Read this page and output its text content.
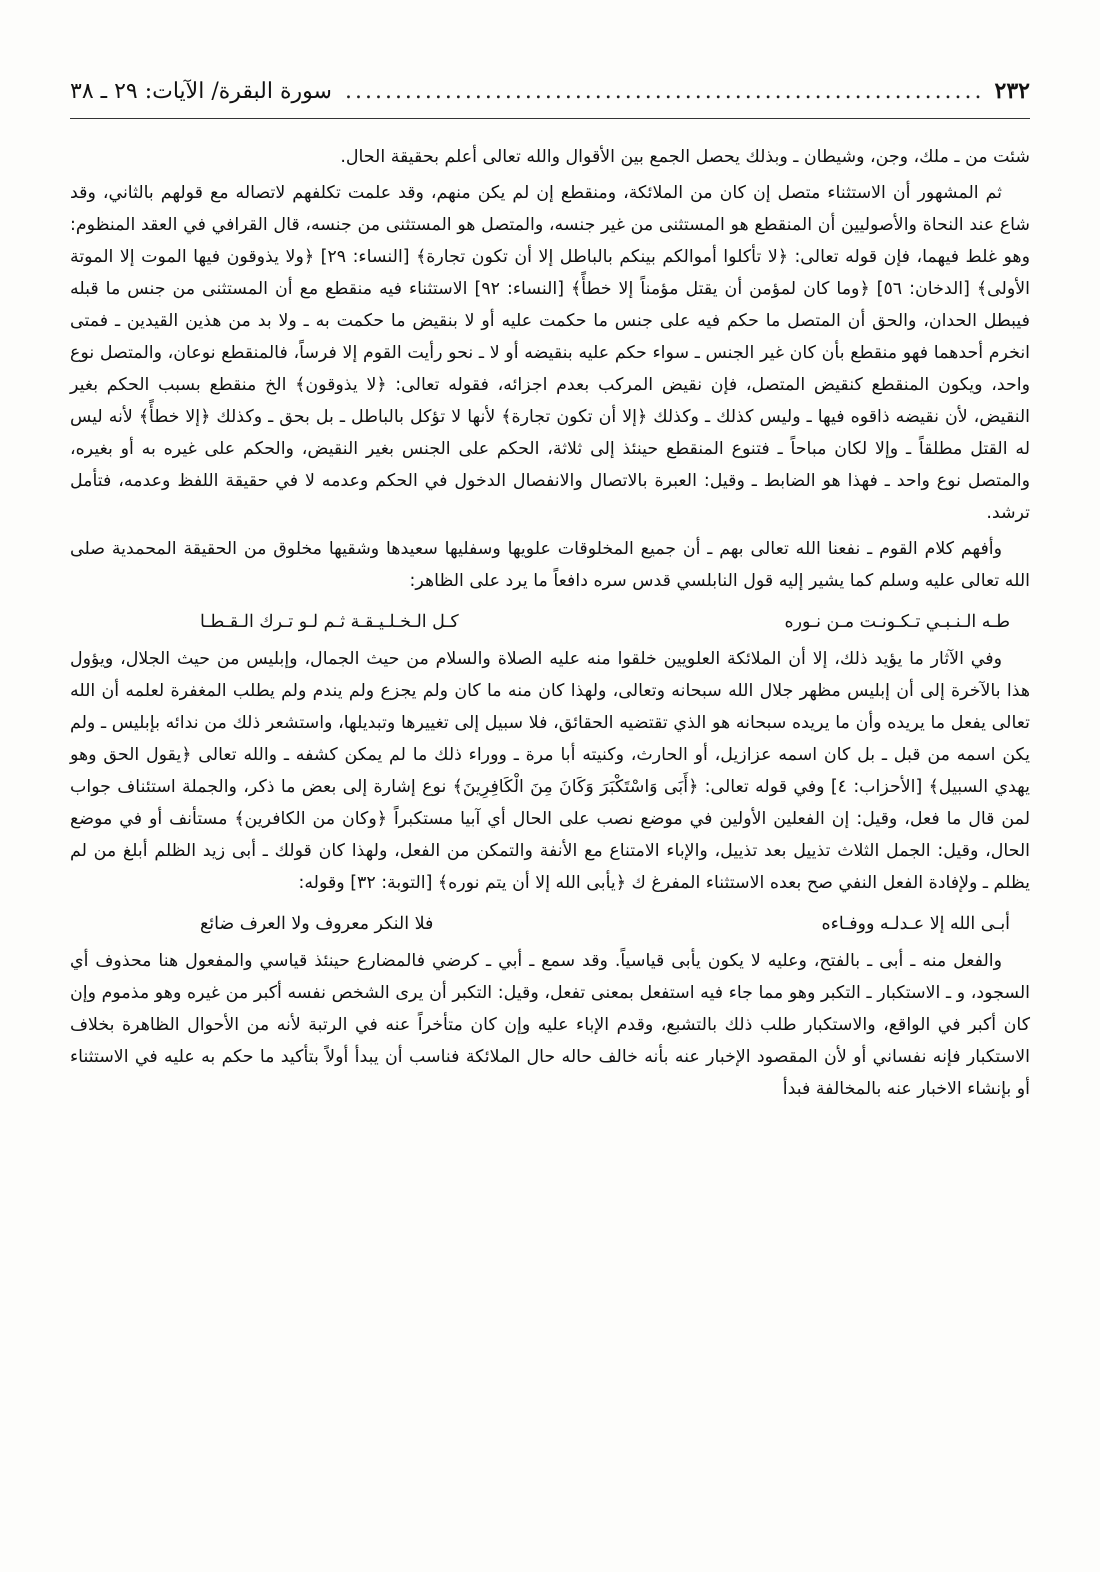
٢٣٢
.....
سورة البقرة/ الآيات: ٢٩ ـ ٣٨

شئت من ـ ملك، وجن، وشيطان ـ وبذلك يحصل الجمع بين الأقوال والله تعالى أعلم بحقيقة الحال.

ثم المشهور أن الاستثناء متصل إن كان من الملائكة، ومنقطع إن لم يكن منهم، وقد علمت تكلفهم لاتصاله مع قولهم بالثاني، وقد شاع عند النحاة والأصوليين أن المنقطع هو المستثنى من غير جنسه، والمتصل هو المستثنى من جنسه، قال القرافي في العقد المنظوم: وهو غلط فيهما، فإن قوله تعالى: ﴿لا تأكلوا أموالكم بينكم بالباطل إلا أن تكون تجارة﴾ [النساء: ٢٩] ﴿ولا يذوقون فيها الموت إلا الموتة الأولى﴾ [الدخان: ٥٦] ﴿وما كان لمؤمن أن يقتل مؤمناً إلا خطأً﴾ [النساء: ٩٢] الاستثناء فيه منقطع مع أن المستثنى من جنس ما قبله فيبطل الحدان، والحق أن المتصل ما حكم فيه على جنس ما حكمت عليه أو لا بنقيض ما حكمت به ـ ولا بد من هذين القيدين ـ فمتى انخرم أحدهما فهو منقطع بأن كان غير الجنس ـ سواء حكم عليه بنقيضه أو لا ـ نحو رأيت القوم إلا فرساً، فالمنقطع نوعان، والمتصل نوع واحد، ويكون المنقطع كنقيض المتصل، فإن نقيض المركب بعدم اجزائه، فقوله تعالى: ﴿لا يذوقون﴾ الخ منقطع بسبب الحكم بغير النقيض، لأن نقيضه ذاقوه فيها ـ وليس كذلك ـ وكذلك ﴿إلا أن تكون تجارة﴾ لأنها لا تؤكل بالباطل ـ بل بحق ـ وكذلك ﴿إلا خطأً﴾ لأنه ليس له القتل مطلقاً ـ وإلا لكان مباحاً ـ فتنوع المنقطع حينئذ إلى ثلاثة، الحكم على الجنس بغير النقيض، والحكم على غيره به أو بغيره، والمتصل نوع واحد ـ فهذا هو الضابط ـ وقيل: العبرة بالاتصال والانفصال الدخول في الحكم وعدمه لا في حقيقة اللفظ وعدمه، فتأمل ترشد.

وأفهم كلام القوم ـ نفعنا الله تعالى بهم ـ أن جميع المخلوقات علويها وسفليها سعيدها وشقيها مخلوق من الحقيقة المحمدية صلى الله تعالى عليه وسلم كما يشير إليه قول النابلسي قدس سره دافعاً ما يرد على الظاهر:

طـه الـنـبـي تـكـونـت مـن نـوره
كـل الـخـلـيـقـة ثـم لـو تـرك الـقـطـا

وفي الآثار ما يؤيد ذلك، إلا أن الملائكة العلويين خلقوا منه عليه الصلاة والسلام من حيث الجمال، وإبليس من حيث الجلال، ويؤول هذا بالآخرة إلى أن إبليس مظهر جلال الله سبحانه وتعالى، ولهذا كان منه ما كان ولم يجزع ولم يندم ولم يطلب المغفرة لعلمه أن الله تعالى يفعل ما يريده وأن ما يريده سبحانه هو الذي تقتضيه الحقائق، فلا سبيل إلى تغييرها وتبديلها، واستشعر ذلك من ندائه بإبليس ـ ولم يكن اسمه من قبل ـ بل كان اسمه عزازيل، أو الحارث، وكنيته أبا مرة ـ ووراء ذلك ما لم يمكن كشفه ـ والله تعالى ﴿يقول الحق وهو يهدي السبيل﴾ [الأحزاب: ٤] وفي قوله تعالى: ﴿أَبَى وَاسْتَكْبَرَ وَكَانَ مِنَ الْكَافِرِينَ﴾ نوع إشارة إلى بعض ما ذكر، والجملة استئناف جواب لمن قال ما فعل، وقيل: إن الفعلين الأولين في موضع نصب على الحال أي آبيا مستكبراً ﴿وكان من الكافرين﴾ مستأنف أو في موضع الحال، وقيل: الجمل الثلاث تذييل بعد تذييل، والإباء الامتناع مع الأنفة والتمكن من الفعل، ولهذا كان قولك ـ أبى زيد الظلم أبلغ من لم يظلم ـ ولإفادة الفعل النفي صح بعده الاستثناء المفرغ ك ﴿يأبى الله إلا أن يتم نوره﴾ [التوبة: ٣٢] وقوله:

أبـى الله إلا عـدلـه ووفـاءه
فلا النكر معروف ولا العرف ضائع

والفعل منه ـ أبى ـ بالفتح، وعليه لا يكون يأبى قياسياً. وقد سمع ـ أبي ـ كرضي فالمضارع حينئذ قياسي والمفعول هنا محذوف أي السجود، و ـ الاستكبار ـ التكبر وهو مما جاء فيه استفعل بمعنى تفعل، وقيل: التكبر أن يرى الشخص نفسه أكبر من غيره وهو مذموم وإن كان أكبر في الواقع، والاستكبار طلب ذلك بالتشبع، وقدم الإباء عليه وإن كان متأخراً عنه في الرتبة لأنه من الأحوال الظاهرة بخلاف الاستكبار فإنه نفساني أو لأن المقصود الإخبار عنه بأنه خالف حاله حال الملائكة فناسب أن يبدأ أولاً بتأكيد ما حكم به عليه في الاستثناء أو بإنشاء الاخبار عنه بالمخالفة فبدأ
